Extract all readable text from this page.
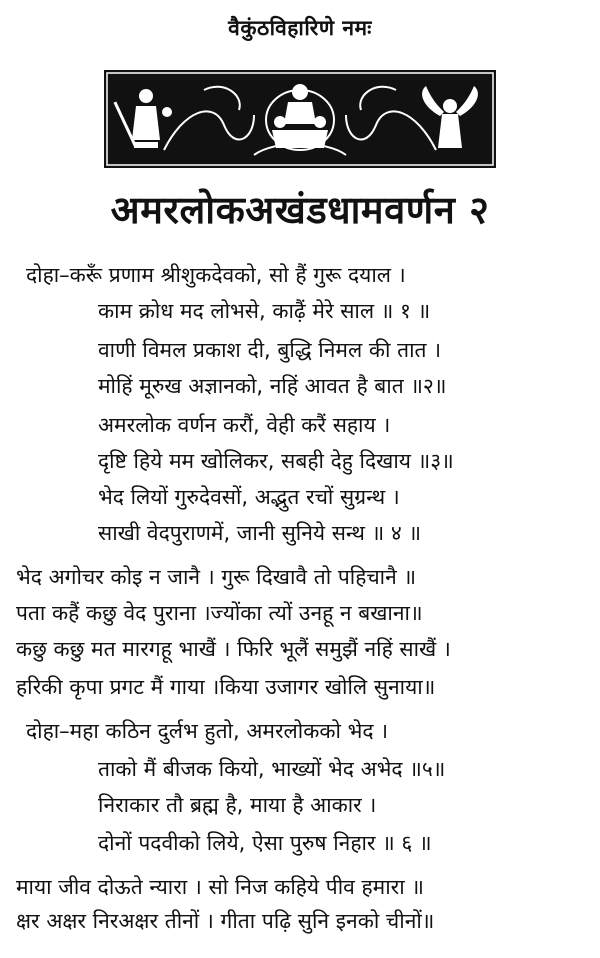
वैकुंठविहारिणे नमः
अमरलोकअखंडधामवर्णन २
दोहा–करूँ प्रणाम श्रीशुकदेवको, सो हैं गुरू दयाल ।
काम क्रोध मद लोभसे, काढ़ैं मेरे साल ॥ १ ॥
वाणी विमल प्रकाश दी, बुद्धि निमल की तात ।
मोहिं मूरुख अज्ञानको, नहिं आवत है बात ॥२॥
अमरलोक वर्णन करौं, वेही करैं सहाय ।
दृष्टि हिये मम खोलिकर, सबही देहु दिखाय ॥३॥
भेद लियों गुरुदेवसों, अद्भुत रचों सुग्रन्थ ।
साखी वेदपुराणमें, जानी सुनिये सन्थ ॥ ४ ॥
भेद अगोचर कोइ न जानै । गुरू दिखावै तो पहिचानै ॥
पता कहैं कछु वेद पुराना ।ज्योंका त्यों उनहू न बखाना॥
कछु कछु मत मारगहू भाखैं । फिरि भूलैं समुझैं नहिं साखैं ।
हरिकी कृपा प्रगट मैं गाया ।किया उजागर खोलि सुनाया॥
दोहा–महा कठिन दुर्लभ हुतो, अमरलोकको भेद ।
ताको मैं बीजक कियो, भाख्यों भेद अभेद ॥५॥
निराकार तौ ब्रह्म है, माया है आकार ।
दोनों पदवीको लिये, ऐसा पुरुष निहार ॥ ६ ॥
माया जीव दोऊते न्यारा । सो निज कहिये पीव हमारा ॥
क्षर अक्षर निरअक्षर तीनों । गीता पढ़ि सुनि इनको चीनों॥
